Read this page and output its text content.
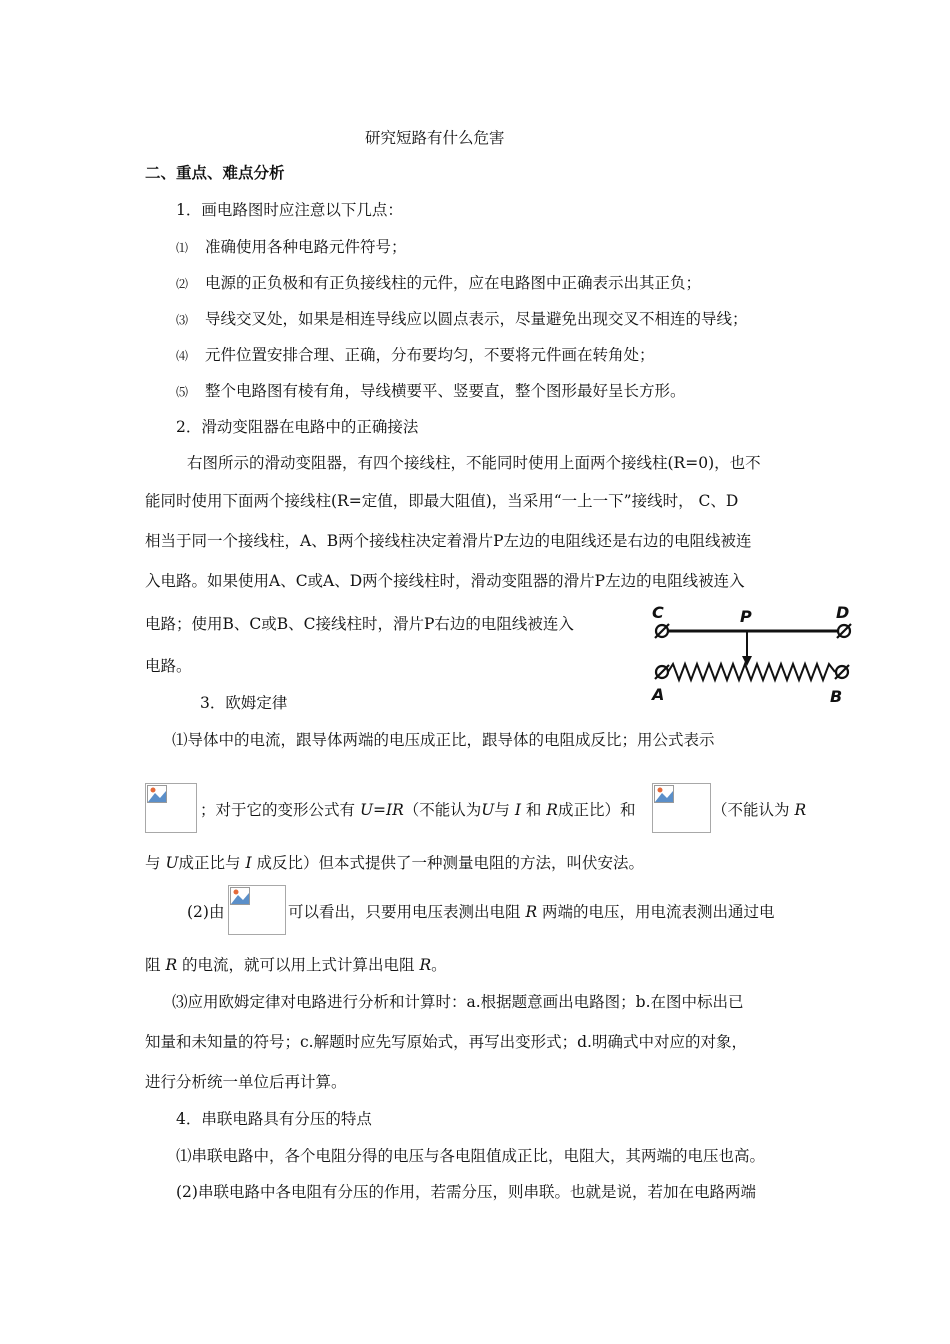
研究短路有什么危害
二、重点、难点分析
1．画电路图时应注意以下几点：
⑴ 准确使用各种电路元件符号；
⑵ 电源的正负极和有正负接线柱的元件，应在电路图中正确表示出其正负；
⑶ 导线交叉处，如果是相连导线应以圆点表示，尽量避免出现交叉不相连的导线；
⑷ 元件位置安排合理、正确，分布要均匀，不要将元件画在转角处；
⑸ 整个电路图有棱有角，导线横要平、竖要直，整个图形最好呈长方形。
2．滑动变阻器在电路中的正确接法
右图所示的滑动变阻器，有四个接线柱，不能同时使用上面两个接线柱(R=0)，也不
能同时使用下面两个接线柱(R=定值，即最大阻值)，当采用“一上一下”接线时， C、D
相当于同一个接线柱，A、B两个接线柱决定着滑片P左边的电阻线还是右边的电阻线被连
入电路。如果使用A、C或A、D两个接线柱时，滑动变阻器的滑片P左边的电阻线被连入
电路；使用B、C或B、C接线柱时，滑片P右边的电阻线被连入
电路。
C	P	D
A	B
3．欧姆定律
⑴导体中的电流，跟导体两端的电压成正比，跟导体的电阻成反比；用公式表示
；对于它的变形公式有 U=IR（不能认为U与 I 和 R成正比）和	（不能认为 R
与 U成正比与 I 成反比）但本式提供了一种测量电阻的方法，叫伏安法。
(2)由	可以看出，只要用电压表测出电阻 R 两端的电压，用电流表测出通过电
阻 R 的电流，就可以用上式计算出电阻 R。
⑶应用欧姆定律对电路进行分析和计算时：a.根据题意画出电路图；b.在图中标出已
知量和未知量的符号；c.解题时应先写原始式，再写出变形式；d.明确式中对应的对象，
进行分析统一单位后再计算。
4．串联电路具有分压的特点
⑴串联电路中，各个电阻分得的电压与各电阻值成正比，电阻大，其两端的电压也高。
(2)串联电路中各电阻有分压的作用，若需分压，则串联。也就是说，若加在电路两端
